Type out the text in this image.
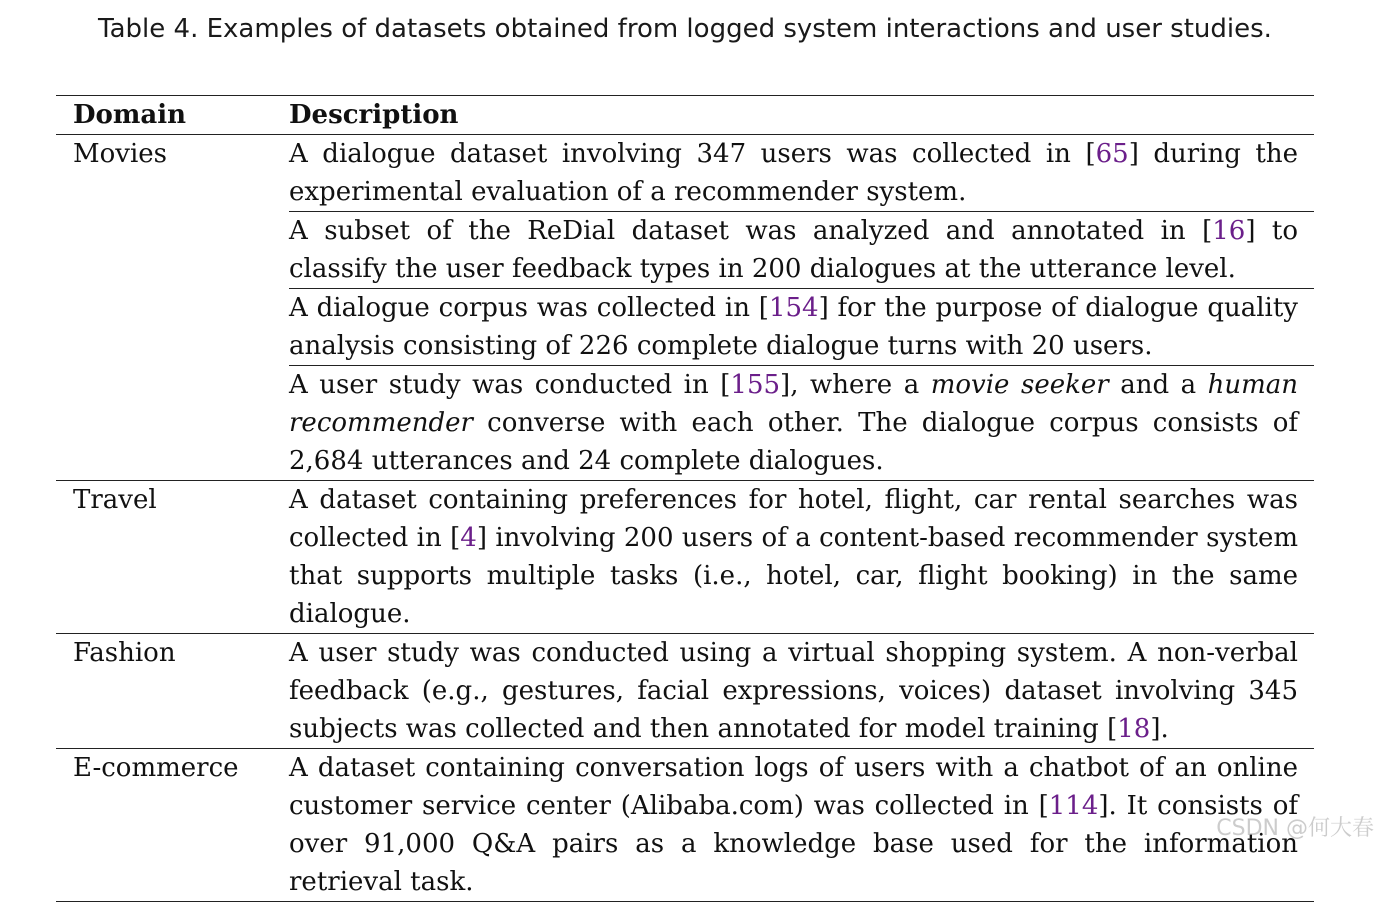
Table 4. Examples of datasets obtained from logged system interactions and user studies.
Domain	Description
Movies	A dialogue dataset involving 347 users was collected in [65] during the experimental evaluation of a recommender system.
A subset of the ReDial dataset was analyzed and annotated in [16] to classify the user feedback types in 200 dialogues at the utterance level.
A dialogue corpus was collected in [154] for the purpose of dialogue quality analysis consisting of 226 complete dialogue turns with 20 users.
A user study was conducted in [155], where a movie seeker and a human recommender converse with each other. The dialogue corpus consists of 2,684 utterances and 24 complete dialogues.
Travel	A dataset containing preferences for hotel, flight, car rental searches was collected in [4] involving 200 users of a content-based recommender system that supports multiple tasks (i.e., hotel, car, flight booking) in the same dialogue.
Fashion	A user study was conducted using a virtual shopping system. A non-verbal feedback (e.g., gestures, facial expressions, voices) dataset involving 345 subjects was collected and then annotated for model training [18].
E-commerce	A dataset containing conversation logs of users with a chatbot of an online customer service center (Alibaba.com) was collected in [114]. It consists of over 91,000 Q&A pairs as a knowledge base used for the information retrieval task.
CSDN @何大春
